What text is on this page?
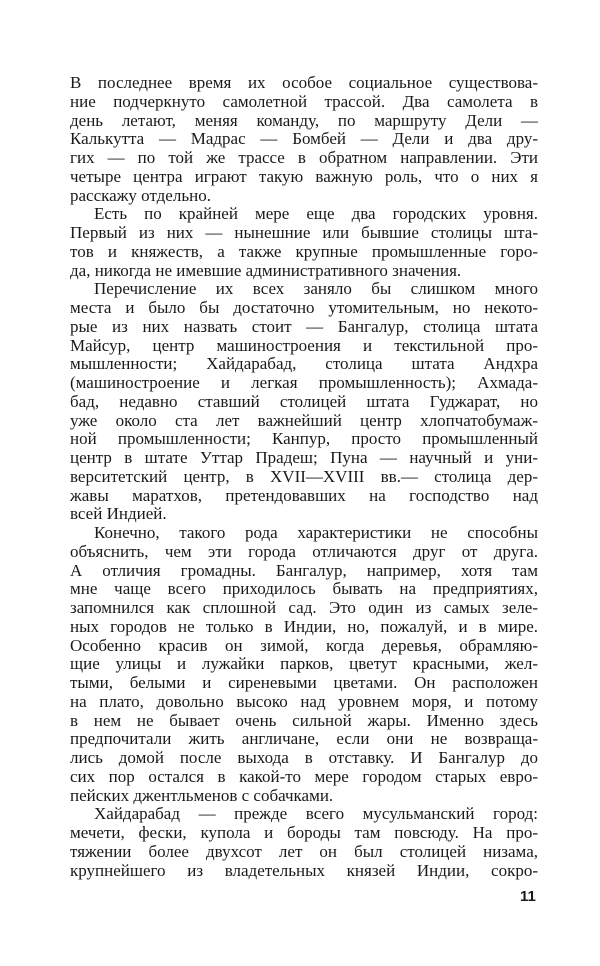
В последнее время их особое социальное существова-
ние подчеркнуто самолетной трассой. Два самолета в
день летают, меняя команду, по маршруту Дели —
Калькутта — Мадрас — Бомбей — Дели и два дру-
гих — по той же трассе в обратном направлении. Эти
четыре центра играют такую важную роль, что о них я
расскажу отдельно.
Есть по крайней мере еще два городских уровня.
Первый из них — нынешние или бывшие столицы шта-
тов и княжеств, а также крупные промышленные горо-
да, никогда не имевшие административного значения.
Перечисление их всех заняло бы слишком много
места и было бы достаточно утомительным, но некото-
рые из них назвать стоит — Бангалур, столица штата
Майсур, центр машиностроения и текстильной про-
мышленности; Хайдарабад, столица штата Андхра
(машиностроение и легкая промышленность); Ахмада-
бад, недавно ставший столицей штата Гуджарат, но
уже около ста лет важнейший центр хлопчатобумаж-
ной промышленности; Канпур, просто промышленный
центр в штате Уттар Прадеш; Пуна — научный и уни-
верситетский центр, в XVII—XVIII вв.— столица дер-
жавы маратхов, претендовавших на господство над
всей Индией.
Конечно, такого рода характеристики не способны
объяснить, чем эти города отличаются друг от друга.
А отличия громадны. Бангалур, например, хотя там
мне чаще всего приходилось бывать на предприятиях,
запомнился как сплошной сад. Это один из самых зеле-
ных городов не только в Индии, но, пожалуй, и в мире.
Особенно красив он зимой, когда деревья, обрамляю-
щие улицы и лужайки парков, цветут красными, жел-
тыми, белыми и сиреневыми цветами. Он расположен
на плато, довольно высоко над уровнем моря, и потому
в нем не бывает очень сильной жары. Именно здесь
предпочитали жить англичане, если они не возвраща-
лись домой после выхода в отставку. И Бангалур до
сих пор остался в какой-то мере городом старых евро-
пейских джентльменов с собачками.
Хайдарабад — прежде всего мусульманский город:
мечети, фески, купола и бороды там повсюду. На про-
тяжении более двухсот лет он был столицей низама,
крупнейшего из владетельных князей Индии, сокро-
11
